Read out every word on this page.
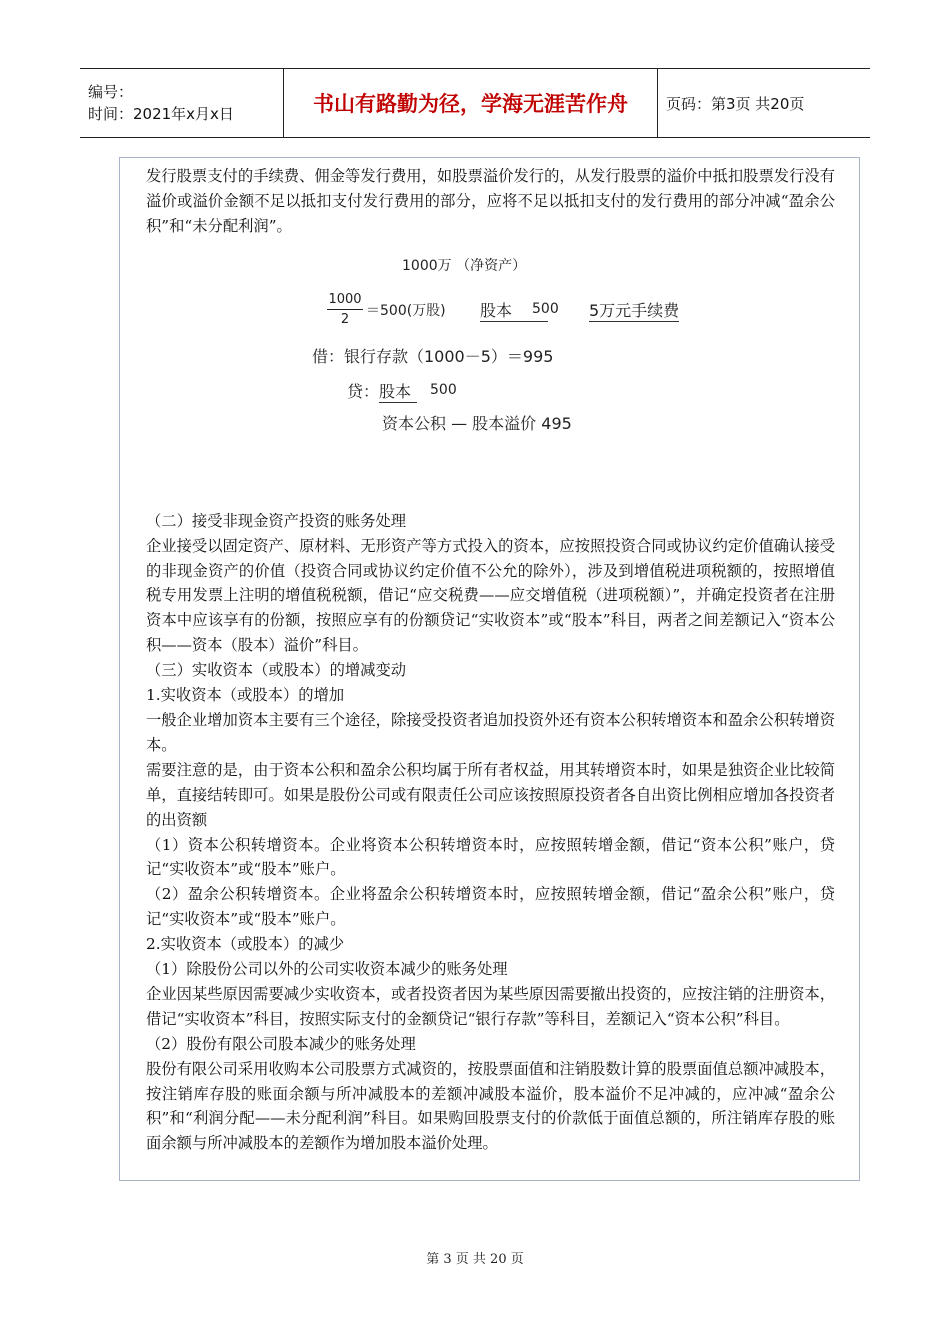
编号：
时间：2021年x月x日	书山有路勤为径，学海无涯苦作舟	页码：第3页 共20页

发行股票支付的手续费、佣金等发行费用，如股票溢价发行的，从发行股票的溢价中抵扣股票发行没有溢价或溢价金额不足以抵扣支付发行费用的部分，应将不足以抵扣支付的发行费用的部分冲减“盈余公积”和“未分配利润”。

1000万 （净资产）
$\frac{1000}{2} =500$(万股) 股本	500 5万元手续费
借：银行存款（1000－5）＝995
贷： 股本	500
资本公积 — 股本溢价 495

（二）接受非现金资产投资的账务处理

企业接受以固定资产、原材料、无形资产等方式投入的资本，应按照投资合同或协议约定价值确认接受的非现金资产的价值（投资合同或协议约定价值不公允的除外），涉及到增值税进项税额的，按照增值税专用发票上注明的增值税税额，借记“应交税费——应交增值税（进项税额）”，并确定投资者在注册资本中应该享有的份额，按照应享有的份额贷记“实收资本”或“股本”科目，两者之间差额记入“资本公积——资本（股本）溢价”科目。

（三）实收资本（或股本）的增减变动

1.实收资本（或股本）的增加

一般企业增加资本主要有三个途径，除接受投资者追加投资外还有资本公积转增资本和盈余公积转增资本。

需要注意的是，由于资本公积和盈余公积均属于所有者权益，用其转增资本时，如果是独资企业比较简单，直接结转即可。如果是股份公司或有限责任公司应该按照原投资者各自出资比例相应增加各投资者的出资额

（1）资本公积转增资本。企业将资本公积转增资本时，应按照转增金额，借记“资本公积”账户，贷记“实收资本”或“股本”账户。

（2）盈余公积转增资本。企业将盈余公积转增资本时，应按照转增金额，借记“盈余公积”账户，贷记“实收资本”或“股本”账户。

2.实收资本（或股本）的减少

（1）除股份公司以外的公司实收资本减少的账务处理

企业因某些原因需要减少实收资本，或者投资者因为某些原因需要撤出投资的，应按注销的注册资本，借记“实收资本”科目，按照实际支付的金额贷记“银行存款”等科目，差额记入“资本公积”科目。

（2）股份有限公司股本减少的账务处理

股份有限公司采用收购本公司股票方式减资的，按股票面值和注销股数计算的股票面值总额冲减股本，按注销库存股的账面余额与所冲减股本的差额冲减股本溢价，股本溢价不足冲减的，应冲减“盈余公积”和“利润分配——未分配利润”科目。如果购回股票支付的价款低于面值总额的，所注销库存股的账面余额与所冲减股本的差额作为增加股本溢价处理。

第 3 页 共 20 页
